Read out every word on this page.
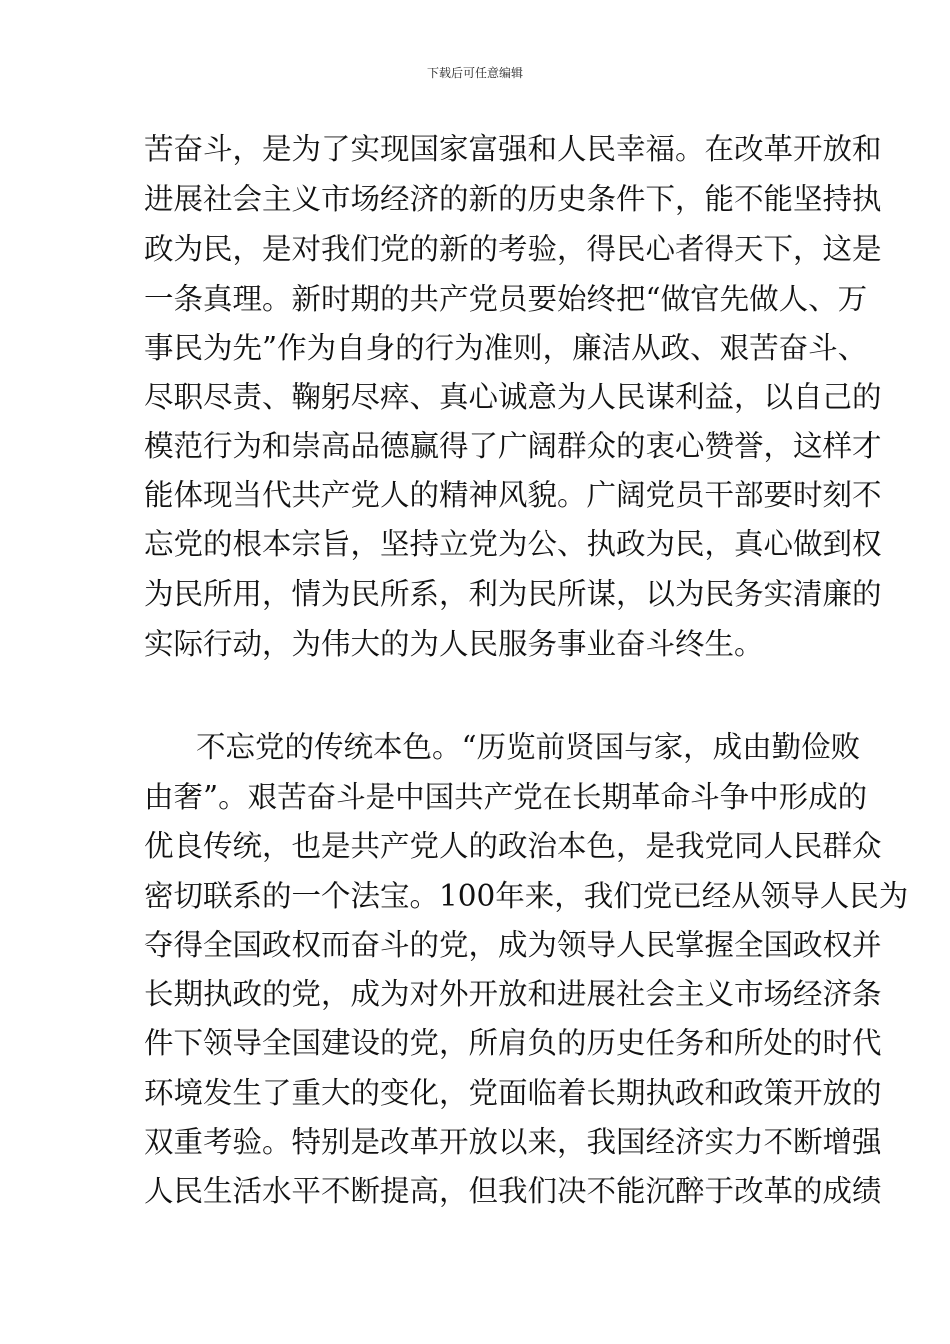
下载后可任意编辑
苦奋斗，是为了实现国家富强和人民幸福。在改革开放和
进展社会主义市场经济的新的历史条件下，能不能坚持执
政为民，是对我们党的新的考验，得民心者得天下，这是
一条真理。新时期的共产党员要始终把“做官先做人、万
事民为先”作为自身的行为准则，廉洁从政、艰苦奋斗、
尽职尽责、鞠躬尽瘁、真心诚意为人民谋利益，以自己的
模范行为和崇高品德赢得了广阔群众的衷心赞誉，这样才
能体现当代共产党人的精神风貌。广阔党员干部要时刻不
忘党的根本宗旨，坚持立党为公、执政为民，真心做到权
为民所用，情为民所系，利为民所谋，以为民务实清廉的
实际行动，为伟大的为人民服务事业奋斗终生。
不忘党的传统本色。“历览前贤国与家，成由勤俭败
由奢”。艰苦奋斗是中国共产党在长期革命斗争中形成的
优良传统，也是共产党人的政治本色，是我党同人民群众
密切联系的一个法宝。100年来，我们党已经从领导人民为
夺得全国政权而奋斗的党，成为领导人民掌握全国政权并
长期执政的党，成为对外开放和进展社会主义市场经济条
件下领导全国建设的党，所肩负的历史任务和所处的时代
环境发生了重大的变化，党面临着长期执政和政策开放的
双重考验。特别是改革开放以来，我国经济实力不断增强
人民生活水平不断提高，但我们决不能沉醉于改革的成绩
